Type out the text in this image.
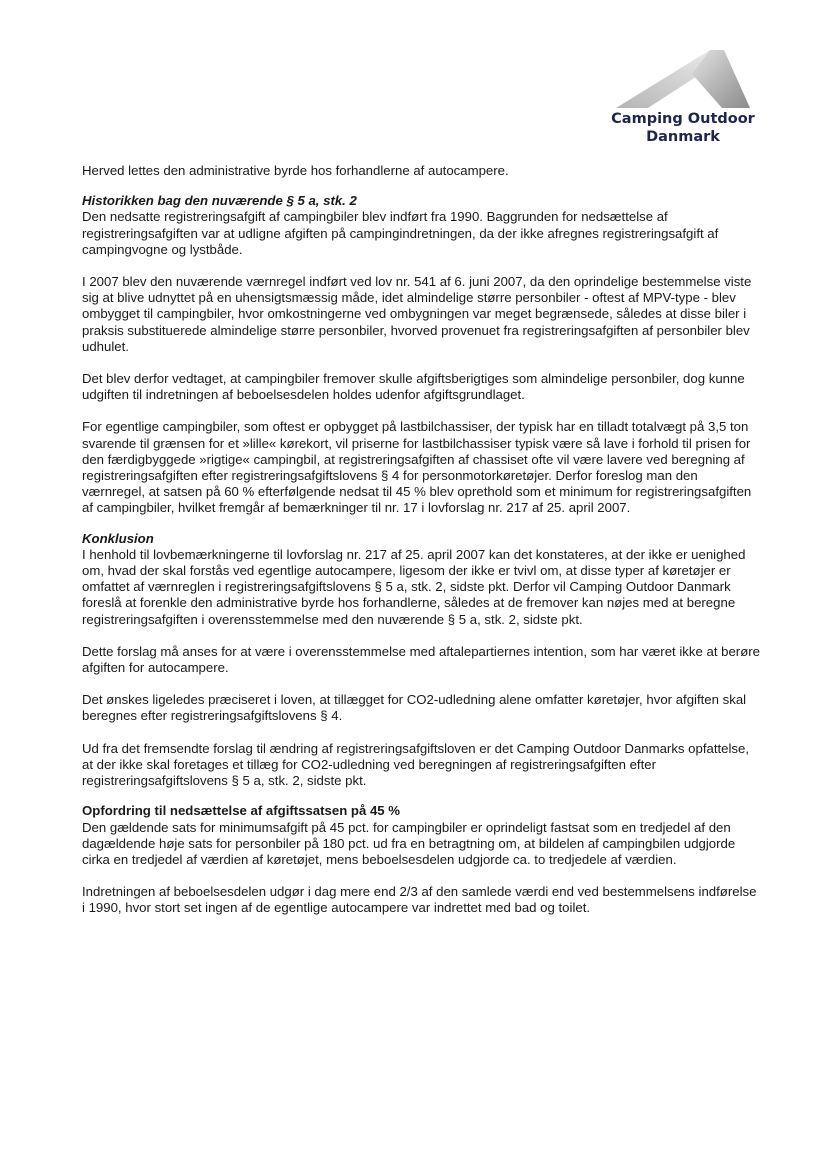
Camping Outdoor
Danmark

Herved lettes den administrative byrde hos forhandlerne af autocampere.

Historikken bag den nuværende § 5 a, stk. 2

Den nedsatte registreringsafgift af campingbiler blev indført fra 1990. Baggrunden for nedsættelse af registreringsafgiften var at udligne afgiften på campingindretningen, da der ikke afregnes registreringsafgift af campingvogne og lystbåde.

I 2007 blev den nuværende værnregel indført ved lov nr. 541 af 6. juni 2007, da den oprindelige bestemmelse viste sig at blive udnyttet på en uhensigtsmæssig måde, idet almindelige større personbiler - oftest af MPV-type - blev ombygget til campingbiler, hvor omkostningerne ved ombygningen var meget begrænsede, således at disse biler i praksis substituerede almindelige større personbiler, hvorved provenuet fra registreringsafgiften af personbiler blev udhulet.

Det blev derfor vedtaget, at campingbiler fremover skulle afgiftsberigtiges som almindelige personbiler, dog kunne udgiften til indretningen af beboelsesdelen holdes udenfor afgiftsgrundlaget.

For egentlige campingbiler, som oftest er opbygget på lastbilchassiser, der typisk har en tilladt totalvægt på 3,5 ton svarende til grænsen for et »lille« kørekort, vil priserne for lastbilchassiser typisk være så lave i forhold til prisen for den færdigbyggede »rigtige« campingbil, at registreringsafgiften af chassiset ofte vil være lavere ved beregning af registreringsafgiften efter registreringsafgiftslovens § 4 for personmotorkøretøjer. Derfor foreslog man den værnregel, at satsen på 60 % efterfølgende nedsat til 45 % blev oprethold som et minimum for registreringsafgiften af campingbiler, hvilket fremgår af bemærkninger til nr. 17 i lovforslag nr. 217 af 25. april 2007.

Konklusion

I henhold til lovbemærkningerne til lovforslag nr. 217 af 25. april 2007 kan det konstateres, at der ikke er uenighed om, hvad der skal forstås ved egentlige autocampere, ligesom der ikke er tvivl om, at disse typer af køretøjer er omfattet af værnreglen i registreringsafgiftslovens § 5 a, stk. 2, sidste pkt. Derfor vil Camping Outdoor Danmark foreslå at forenkle den administrative byrde hos forhandlerne, således at de fremover kan nøjes med at beregne registreringsafgiften i overensstemmelse med den nuværende § 5 a, stk. 2, sidste pkt.

Dette forslag må anses for at være i overensstemmelse med aftalepartiernes intention, som har været ikke at berøre afgiften for autocampere.

Det ønskes ligeledes præciseret i loven, at tillægget for CO2-udledning alene omfatter køretøjer, hvor afgiften skal beregnes efter registreringsafgiftslovens § 4.

Ud fra det fremsendte forslag til ændring af registreringsafgiftsloven er det Camping Outdoor Danmarks opfattelse, at der ikke skal foretages et tillæg for CO2-udledning ved beregningen af registreringsafgiften efter registreringsafgiftslovens § 5 a, stk. 2, sidste pkt.

Opfordring til nedsættelse af afgiftssatsen på 45 %

Den gældende sats for minimumsafgift på 45 pct. for campingbiler er oprindeligt fastsat som en tredjedel af den dagældende høje sats for personbiler på 180 pct. ud fra en betragtning om, at bildelen af campingbilen udgjorde cirka en tredjedel af værdien af køretøjet, mens beboelsesdelen udgjorde ca. to tredjedele af værdien.

Indretningen af beboelsesdelen udgør i dag mere end 2/3 af den samlede værdi end ved bestemmelsens indførelse i 1990, hvor stort set ingen af de egentlige autocampere var indrettet med bad og toilet.
